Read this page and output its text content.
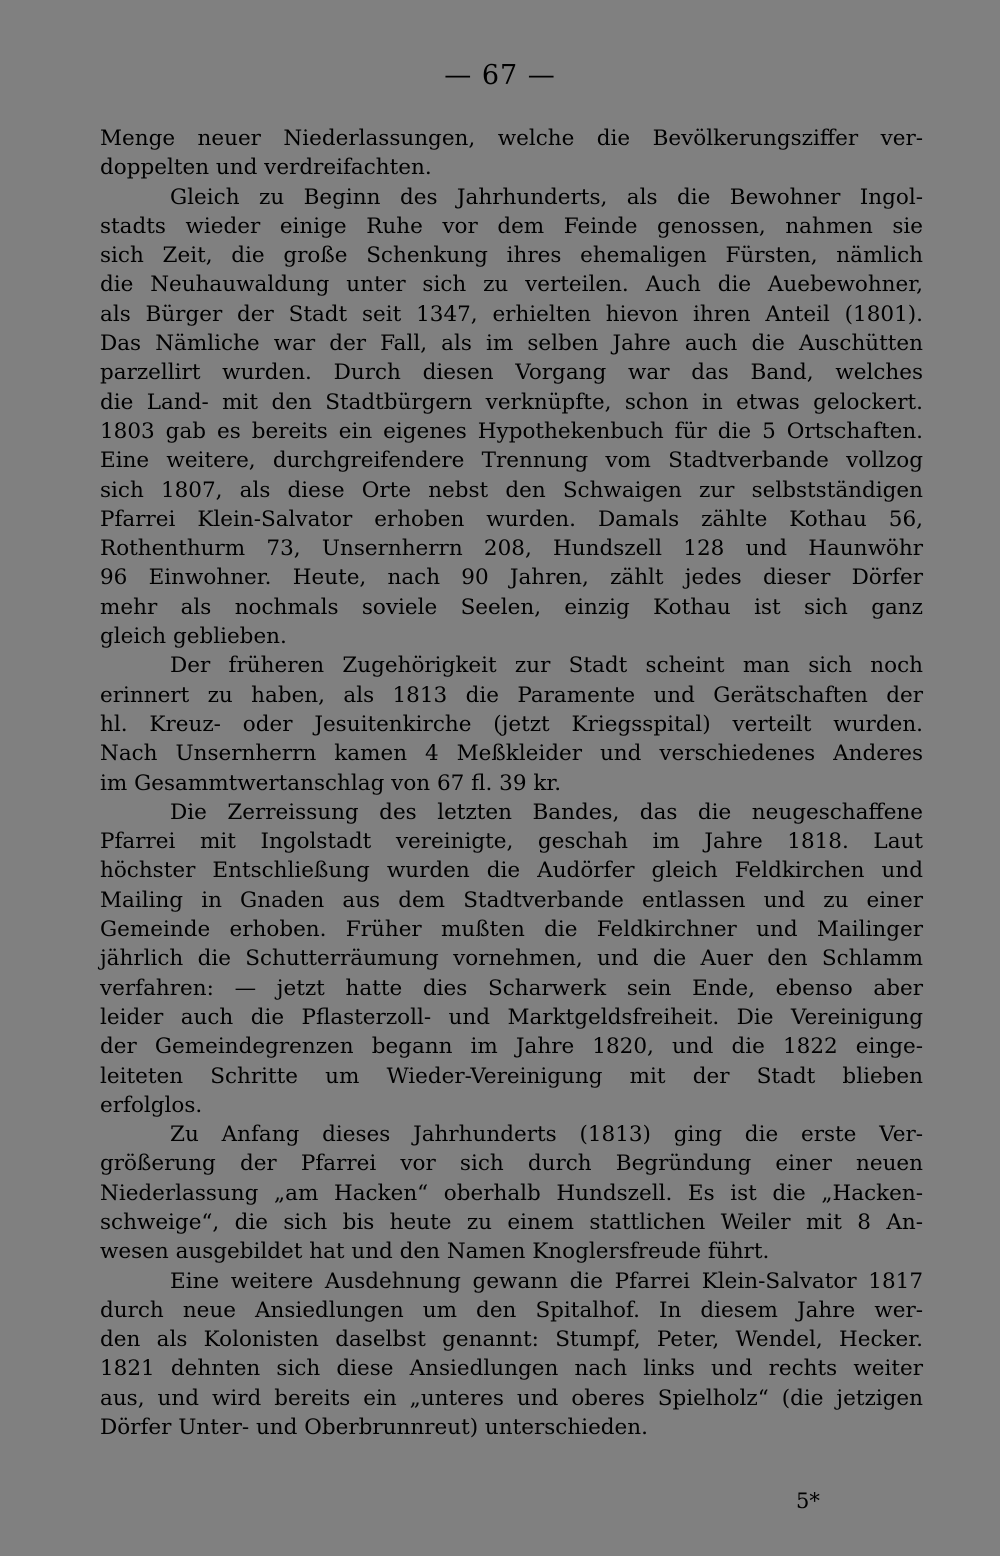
— 67 —
Menge neuer Niederlassungen, welche die Bevölkerungsziffer ver-
doppelten und verdreifachten.
Gleich zu Beginn des Jahrhunderts, als die Bewohner Ingol-
stadts wieder einige Ruhe vor dem Feinde genossen, nahmen sie
sich Zeit, die große Schenkung ihres ehemaligen Fürsten, nämlich
die Neuhauwaldung unter sich zu verteilen. Auch die Auebewohner,
als Bürger der Stadt seit 1347, erhielten hievon ihren Anteil (1801).
Das Nämliche war der Fall, als im selben Jahre auch die Auschütten
parzellirt wurden. Durch diesen Vorgang war das Band, welches
die Land- mit den Stadtbürgern verknüpfte, schon in etwas gelockert.
1803 gab es bereits ein eigenes Hypothekenbuch für die 5 Ortschaften.
Eine weitere, durchgreifendere Trennung vom Stadtverbande vollzog
sich 1807, als diese Orte nebst den Schwaigen zur selbstständigen
Pfarrei Klein-Salvator erhoben wurden. Damals zählte Kothau 56,
Rothenthurm 73, Unsernherrn 208, Hundszell 128 und Haunwöhr
96 Einwohner. Heute, nach 90 Jahren, zählt jedes dieser Dörfer
mehr als nochmals soviele Seelen, einzig Kothau ist sich ganz
gleich geblieben.
Der früheren Zugehörigkeit zur Stadt scheint man sich noch
erinnert zu haben, als 1813 die Paramente und Gerätschaften der
hl. Kreuz- oder Jesuitenkirche (jetzt Kriegsspital) verteilt wurden.
Nach Unsernherrn kamen 4 Meßkleider und verschiedenes Anderes
im Gesammtwertanschlag von 67 fl. 39 kr.
Die Zerreissung des letzten Bandes, das die neugeschaffene
Pfarrei mit Ingolstadt vereinigte, geschah im Jahre 1818. Laut
höchster Entschließung wurden die Audörfer gleich Feldkirchen und
Mailing in Gnaden aus dem Stadtverbande entlassen und zu einer
Gemeinde erhoben. Früher mußten die Feldkirchner und Mailinger
jährlich die Schutterräumung vornehmen, und die Auer den Schlamm
verfahren: — jetzt hatte dies Scharwerk sein Ende, ebenso aber
leider auch die Pflasterzoll- und Marktgeldsfreiheit. Die Vereinigung
der Gemeindegrenzen begann im Jahre 1820, und die 1822 einge-
leiteten Schritte um Wieder-Vereinigung mit der Stadt blieben
erfolglos.
Zu Anfang dieses Jahrhunderts (1813) ging die erste Ver-
größerung der Pfarrei vor sich durch Begründung einer neuen
Niederlassung „am Hacken“ oberhalb Hundszell. Es ist die „Hacken-
schweige“, die sich bis heute zu einem stattlichen Weiler mit 8 An-
wesen ausgebildet hat und den Namen Knoglersfreude führt.
Eine weitere Ausdehnung gewann die Pfarrei Klein-Salvator 1817
durch neue Ansiedlungen um den Spitalhof. In diesem Jahre wer-
den als Kolonisten daselbst genannt: Stumpf, Peter, Wendel, Hecker.
1821 dehnten sich diese Ansiedlungen nach links und rechts weiter
aus, und wird bereits ein „unteres und oberes Spielholz“ (die jetzigen
Dörfer Unter- und Oberbrunnreut) unterschieden.
5*
